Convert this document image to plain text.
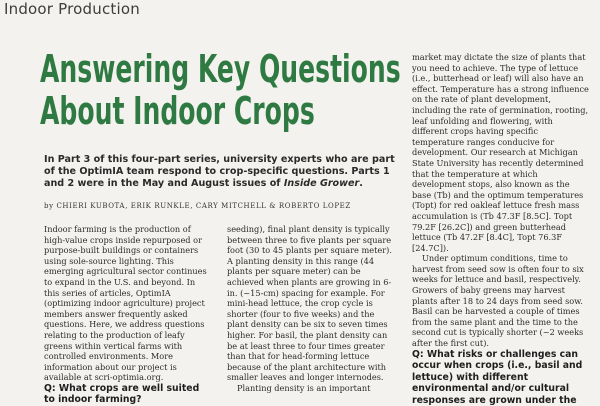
Indoor Production
Answering Key Questions
About Indoor Crops
In Part 3 of this four-part series, university experts who are part of the OptimIA team respond to crop-specific questions. Parts 1 and 2 were in the May and August issues of Inside Grower.
by CHIERI KUBOTA, ERIK RUNKLE, CARY MITCHELL & ROBERTO LOPEZ

Indoor farming is the production of high-value crops inside repurposed or purpose-built buildings or containers using sole-source lighting. This emerging agricultural sector continues to expand in the U.S. and beyond. In this series of articles, OptimIA (optimizing indoor agriculture) project members answer frequently asked questions. Here, we address questions relating to the production of leafy greens within vertical farms with controlled environments. More information about our project is available at scri-optimia.org.

Q: What crops are well suited to indoor farming?

seeding), final plant density is typically between three to five plants per square foot (30 to 45 plants per square meter). A planting density in this range (44 plants per square meter) can be achieved when plants are growing in 6-in. (~15-cm) spacing for example. For mini-head lettuce, the crop cycle is shorter (four to five weeks) and the plant density can be six to seven times higher. For basil, the plant density can be at least three to four times greater than that for head-forming lettuce because of the plant architecture with smaller leaves and longer internodes.

Planting density is an important

market may dictate the size of plants that you need to achieve. The type of lettuce (i.e., butterhead or leaf) will also have an effect. Temperature has a strong influence on the rate of plant development, including the rate of germination, rooting, leaf unfolding and flowering, with different crops having specific temperature ranges conducive for development. Our research at Michigan State University has recently determined that the temperature at which development stops, also known as the base (Tb) and the optimum temperatures (Topt) for red oakleaf lettuce fresh mass accumulation is (Tb 47.3F [8.5C]. Topt 79.2F [26.2C]) and green butterhead lettuce (Tb 47.2F [8.4C], Topt 76.3F [24.7C]).

Under optimum conditions, time to harvest from seed sow is often four to six weeks for lettuce and basil, respectively. Growers of baby greens may harvest plants after 18 to 24 days from seed sow. Basil can be harvested a couple of times from the same plant and the time to the second cut is typically shorter (~2 weeks after the first cut).

Q: What risks or challenges can occur when crops (i.e., basil and lettuce) with different environmental and/or cultural responses are grown under the
